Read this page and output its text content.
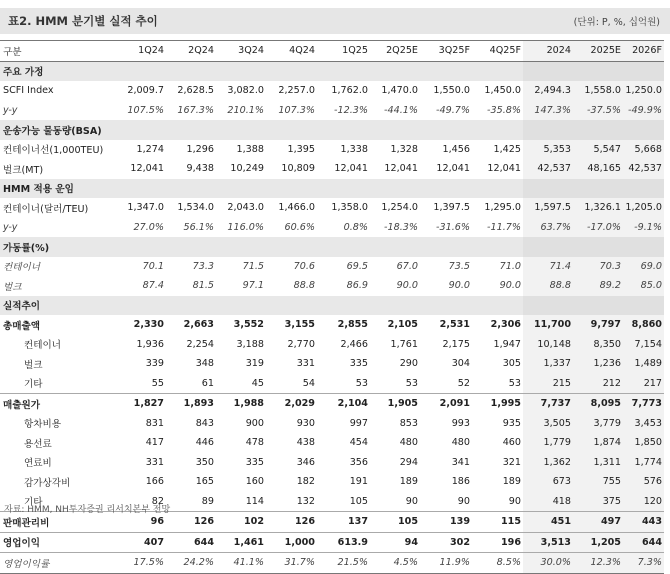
표2. HMM 분기별 실적 추이	(단위: P, %, 십억원)
구분	1Q24	2Q24	3Q24	4Q24	1Q25	2Q25E	3Q25F	4Q25F	2024	2025E	2026F
주요 가정											
SCFI Index	2,009.7	2,628.5	3,082.0	2,257.0	1,762.0	1,470.0	1,550.0	1,450.0	2,494.3	1,558.0	1,250.0
y-y	107.5%	167.3%	210.1%	107.3%	-12.3%	-44.1%	-49.7%	-35.8%	147.3%	-37.5%	-49.9%
운송가능 물동량(BSA)											
컨테이너선(1,000TEU)	1,274	1,296	1,388	1,395	1,338	1,328	1,456	1,425	5,353	5,547	5,668
벌크(MT)	12,041	9,438	10,249	10,809	12,041	12,041	12,041	12,041	42,537	48,165	42,537
HMM 적용 운임											
컨테이너(달러/TEU)	1,347.0	1,534.0	2,043.0	1,466.0	1,358.0	1,254.0	1,397.5	1,295.0	1,597.5	1,326.1	1,205.0
y-y	27.0%	56.1%	116.0%	60.6%	0.8%	-18.3%	-31.6%	-11.7%	63.7%	-17.0%	-9.1%
가동률(%)											
컨테이너	70.1	73.3	71.5	70.6	69.5	67.0	73.5	71.0	71.4	70.3	69.0
벌크	87.4	81.5	97.1	88.8	86.9	90.0	90.0	90.0	88.8	89.2	85.0
실적추이											
총매출액	2,330	2,663	3,552	3,155	2,855	2,105	2,531	2,306	11,700	9,797	8,860
컨테이너	1,936	2,254	3,188	2,770	2,466	1,761	2,175	1,947	10,148	8,350	7,154
벌크	339	348	319	331	335	290	304	305	1,337	1,236	1,489
기타	55	61	45	54	53	53	52	53	215	212	217
매출원가	1,827	1,893	1,988	2,029	2,104	1,905	2,091	1,995	7,737	8,095	7,773
항차비용	831	843	900	930	997	853	993	935	3,505	3,779	3,453
용선료	417	446	478	438	454	480	480	460	1,779	1,874	1,850
연료비	331	350	335	346	356	294	341	321	1,362	1,311	1,774
감가상각비	166	165	160	182	191	189	186	189	673	755	576
기타	82	89	114	132	105	90	90	90	418	375	120
판매관리비	96	126	102	126	137	105	139	115	451	497	443
영업이익	407	644	1,461	1,000	613.9	94	302	196	3,513	1,205	644
영업이익률	17.5%	24.2%	41.1%	31.7%	21.5%	4.5%	11.9%	8.5%	30.0%	12.3%	7.3%
자료: HMM, NH투자증권 리서치본부 전망
